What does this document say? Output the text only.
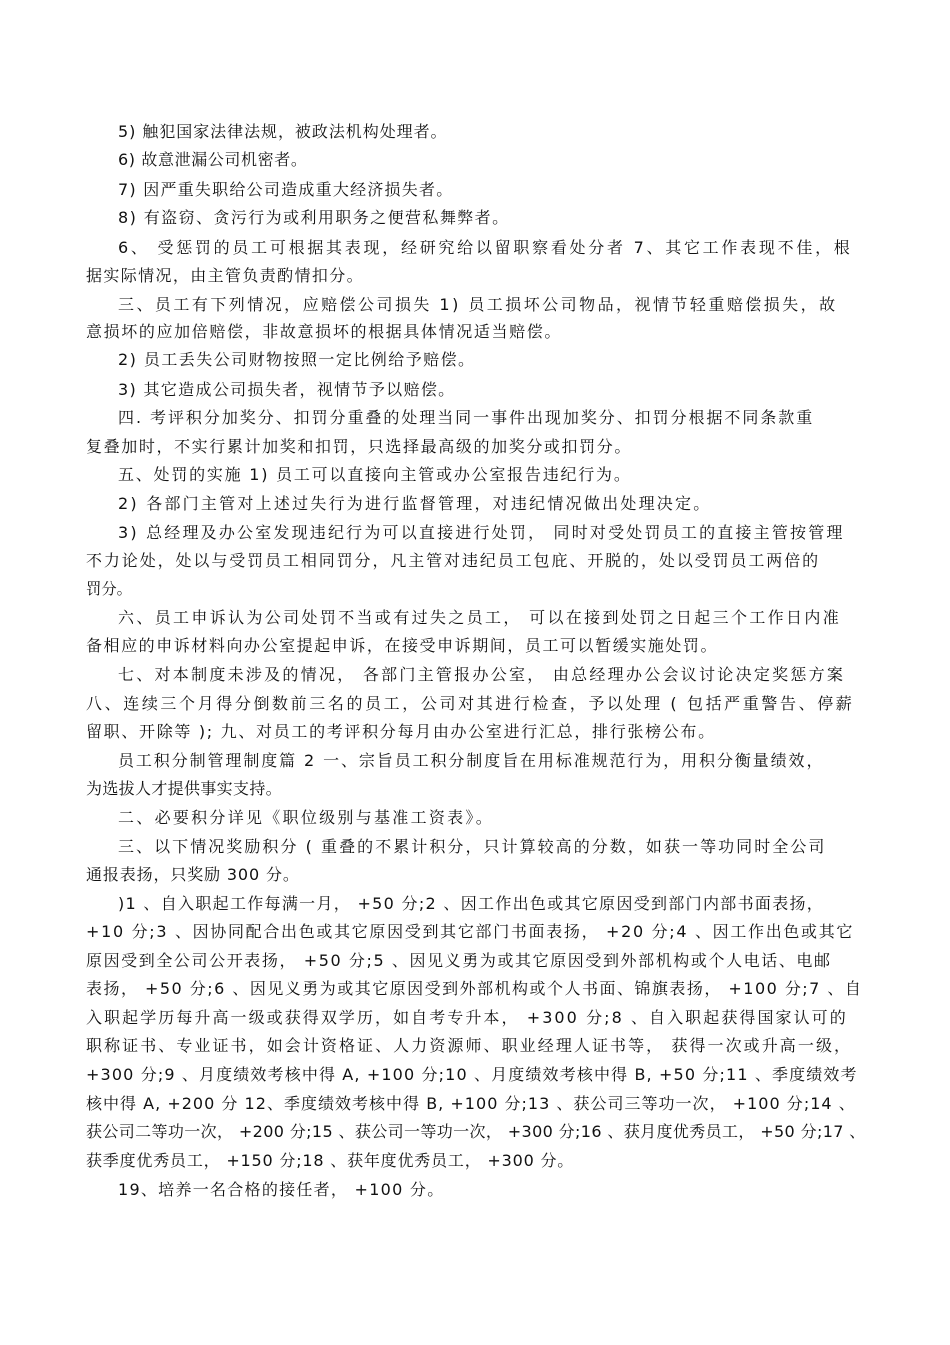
5) 触犯国家法律法规，被政法机构处理者。
6) 故意泄漏公司机密者。
7) 因严重失职给公司造成重大经济损失者。
8) 有盗窃、贪污行为或利用职务之便营私舞弊者。
6、 受惩罚的员工可根据其表现，经研究给以留职察看处分者 7、其它工作表现不佳，根
据实际情况，由主管负责酌情扣分。
三、员工有下列情况，应赔偿公司损失 1) 员工损坏公司物品，视情节轻重赔偿损失，故
意损坏的应加倍赔偿，非故意损坏的根据具体情况适当赔偿。
2) 员工丢失公司财物按照一定比例给予赔偿。
3) 其它造成公司损失者，视情节予以赔偿。
四. 考评积分加奖分、扣罚分重叠的处理当同一事件出现加奖分、扣罚分根据不同条款重
复叠加时，不实行累计加奖和扣罚，只选择最高级的加奖分或扣罚分。
五、处罚的实施 1) 员工可以直接向主管或办公室报告违纪行为。
2) 各部门主管对上述过失行为进行监督管理，对违纪情况做出处理决定。
3) 总经理及办公室发现违纪行为可以直接进行处罚， 同时对受处罚员工的直接主管按管理
不力论处，处以与受罚员工相同罚分，凡主管对违纪员工包庇、开脱的，处以受罚员工两倍的
罚分。
六、员工申诉认为公司处罚不当或有过失之员工， 可以在接到处罚之日起三个工作日内准
备相应的申诉材料向办公室提起申诉，在接受申诉期间，员工可以暂缓实施处罚。
七、对本制度未涉及的情况， 各部门主管报办公室， 由总经理办公会议讨论决定奖惩方案
八、连续三个月得分倒数前三名的员工，公司对其进行检查，予以处理 ( 包括严重警告、停薪
留职、开除等 ); 九、对员工的考评积分每月由办公室进行汇总，排行张榜公布。
员工积分制管理制度篇 2 一、宗旨员工积分制度旨在用标准规范行为，用积分衡量绩效，
为选拔人才提供事实支持。
二、必要积分详见《职位级别与基准工资表》。
三、以下情况奖励积分 ( 重叠的不累计积分，只计算较高的分数，如获一等功同时全公司
通报表扬，只奖励 300 分。
)1 、自入职起工作每满一月， +50 分;2 、因工作出色或其它原因受到部门内部书面表扬，
+10 分;3 、因协同配合出色或其它原因受到其它部门书面表扬， +20 分;4 、因工作出色或其它
原因受到全公司公开表扬， +50 分;5 、因见义勇为或其它原因受到外部机构或个人电话、电邮
表扬， +50 分;6 、因见义勇为或其它原因受到外部机构或个人书面、锦旗表扬， +100 分;7 、自
入职起学历每升高一级或获得双学历，如自考专升本， +300 分;8 、自入职起获得国家认可的
职称证书、专业证书，如会计资格证、人力资源师、职业经理人证书等， 获得一次或升高一级，
+300 分;9 、月度绩效考核中得 A, +100 分;10 、月度绩效考核中得 B, +50 分;11 、季度绩效考
核中得 A, +200 分 12、季度绩效考核中得 B, +100 分;13 、获公司三等功一次， +100 分;14 、
获公司二等功一次， +200 分;15 、获公司一等功一次， +300 分;16 、获月度优秀员工， +50 分;17 、
获季度优秀员工， +150 分;18 、获年度优秀员工， +300 分。
19、培养一名合格的接任者， +100 分。
